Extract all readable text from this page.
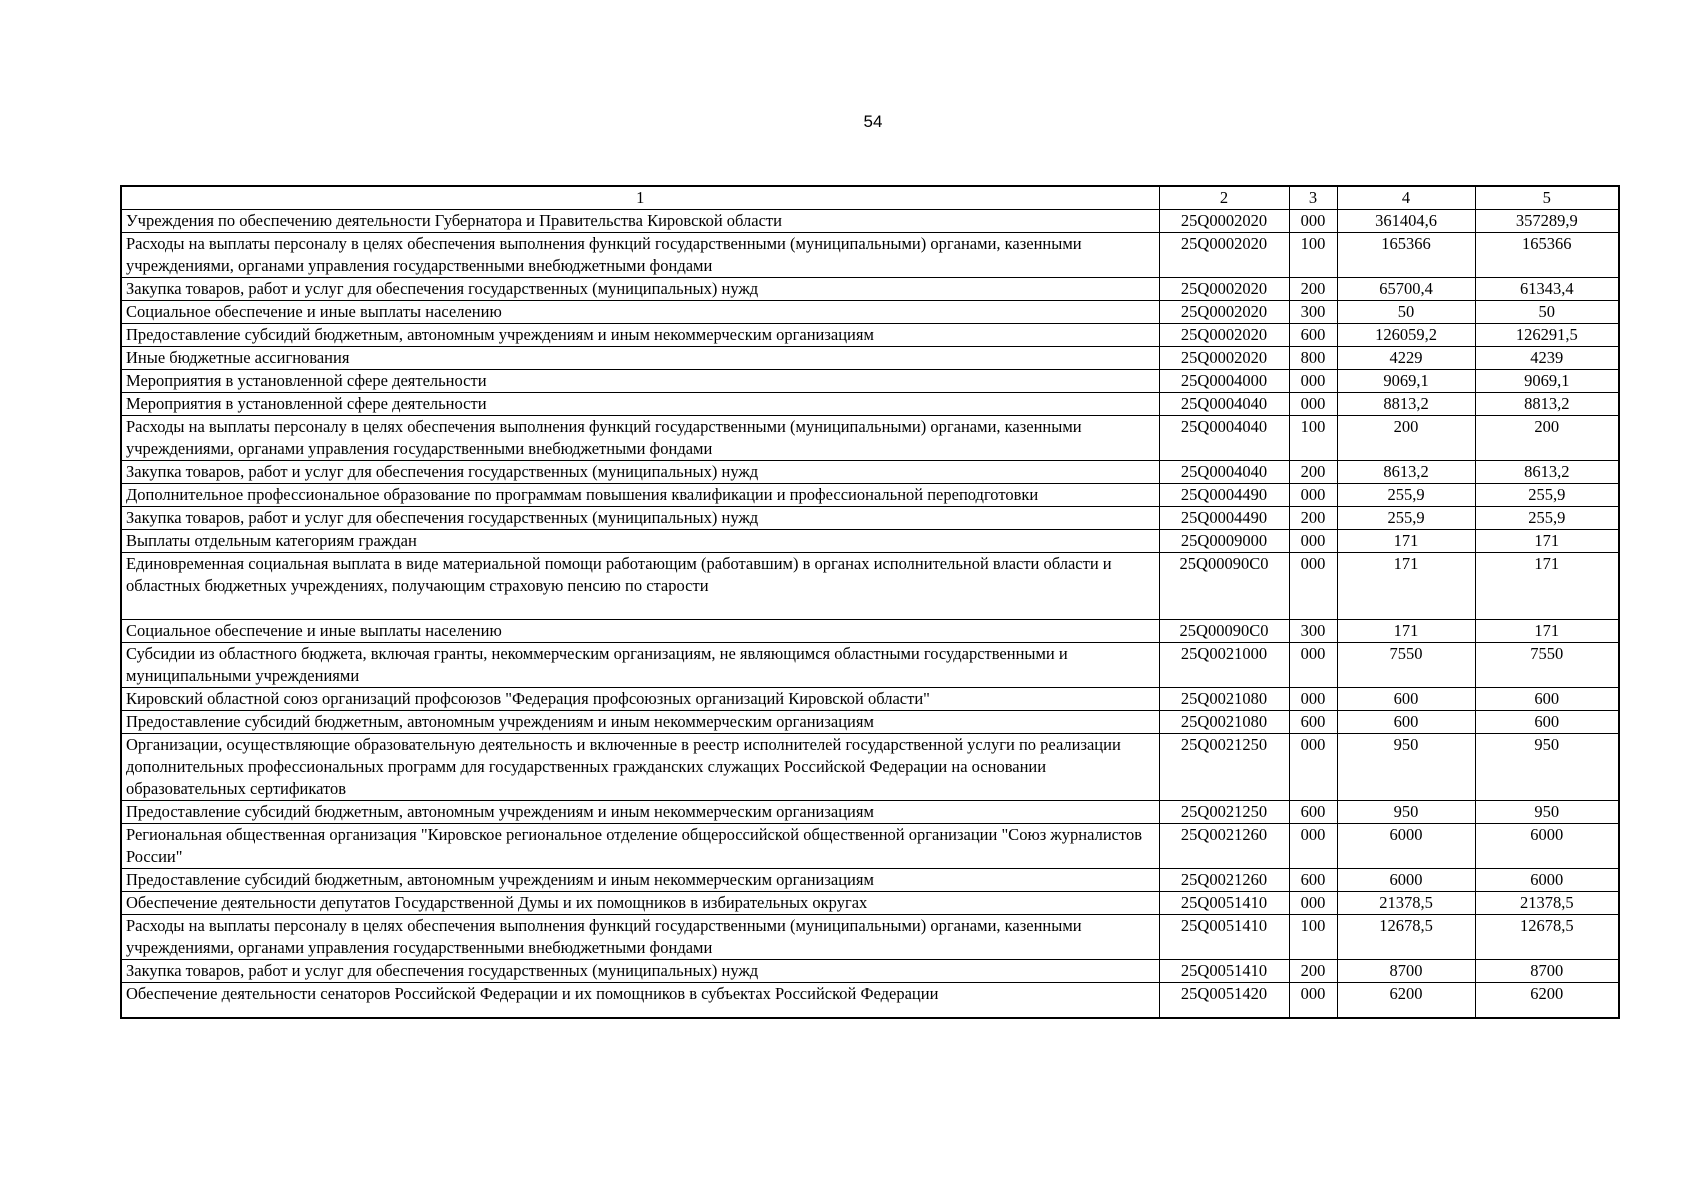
54
1	2	3	4	5
Учреждения по обеспечению деятельности Губернатора и Правительства Кировской области	25Q0002020	000	361404,6	357289,9
Расходы на выплаты персоналу в целях обеспечения выполнения функций государственными (муниципальными) органами, казенными учреждениями, органами управления государственными внебюджетными фондами	25Q0002020	100	165366	165366
Закупка товаров, работ и услуг для обеспечения государственных (муниципальных) нужд	25Q0002020	200	65700,4	61343,4
Социальное обеспечение и иные выплаты населению	25Q0002020	300	50	50
Предоставление субсидий бюджетным, автономным учреждениям и иным некоммерческим организациям	25Q0002020	600	126059,2	126291,5
Иные бюджетные ассигнования	25Q0002020	800	4229	4239
Мероприятия в установленной сфере деятельности	25Q0004000	000	9069,1	9069,1
Мероприятия в установленной сфере деятельности	25Q0004040	000	8813,2	8813,2
Расходы на выплаты персоналу в целях обеспечения выполнения функций государственными (муниципальными) органами, казенными учреждениями, органами управления государственными внебюджетными фондами	25Q0004040	100	200	200
Закупка товаров, работ и услуг для обеспечения государственных (муниципальных) нужд	25Q0004040	200	8613,2	8613,2
Дополнительное профессиональное образование по программам повышения квалификации и профессиональной переподготовки	25Q0004490	000	255,9	255,9
Закупка товаров, работ и услуг для обеспечения государственных (муниципальных) нужд	25Q0004490	200	255,9	255,9
Выплаты отдельным категориям граждан	25Q0009000	000	171	171
Единовременная социальная выплата в виде материальной помощи работающим (работавшим) в органах исполнительной власти области и областных бюджетных учреждениях, получающим страховую пенсию по старости	25Q00090C0	000	171	171
Социальное обеспечение и иные выплаты населению	25Q00090C0	300	171	171
Субсидии из областного бюджета, включая гранты, некоммерческим организациям, не являющимся областными государственными и муниципальными учреждениями	25Q0021000	000	7550	7550
Кировский областной союз организаций профсоюзов "Федерация профсоюзных организаций Кировской области"	25Q0021080	000	600	600
Предоставление субсидий бюджетным, автономным учреждениям и иным некоммерческим организациям	25Q0021080	600	600	600
Организации, осуществляющие образовательную деятельность и включенные в реестр исполнителей государственной услуги по реализации дополнительных профессиональных программ для государственных гражданских служащих Российской Федерации на основании образовательных сертификатов	25Q0021250	000	950	950
Предоставление субсидий бюджетным, автономным учреждениям и иным некоммерческим организациям	25Q0021250	600	950	950
Региональная общественная организация "Кировское региональное отделение общероссийской общественной организации "Союз журналистов России"	25Q0021260	000	6000	6000
Предоставление субсидий бюджетным, автономным учреждениям и иным некоммерческим организациям	25Q0021260	600	6000	6000
Обеспечение деятельности депутатов Государственной Думы и их помощников в избирательных округах	25Q0051410	000	21378,5	21378,5
Расходы на выплаты персоналу в целях обеспечения выполнения функций государственными (муниципальными) органами, казенными учреждениями, органами управления государственными внебюджетными фондами	25Q0051410	100	12678,5	12678,5
Закупка товаров, работ и услуг для обеспечения государственных (муниципальных) нужд	25Q0051410	200	8700	8700
Обеспечение деятельности сенаторов Российской Федерации и их помощников в субъектах Российской Федерации	25Q0051420	000	6200	6200
